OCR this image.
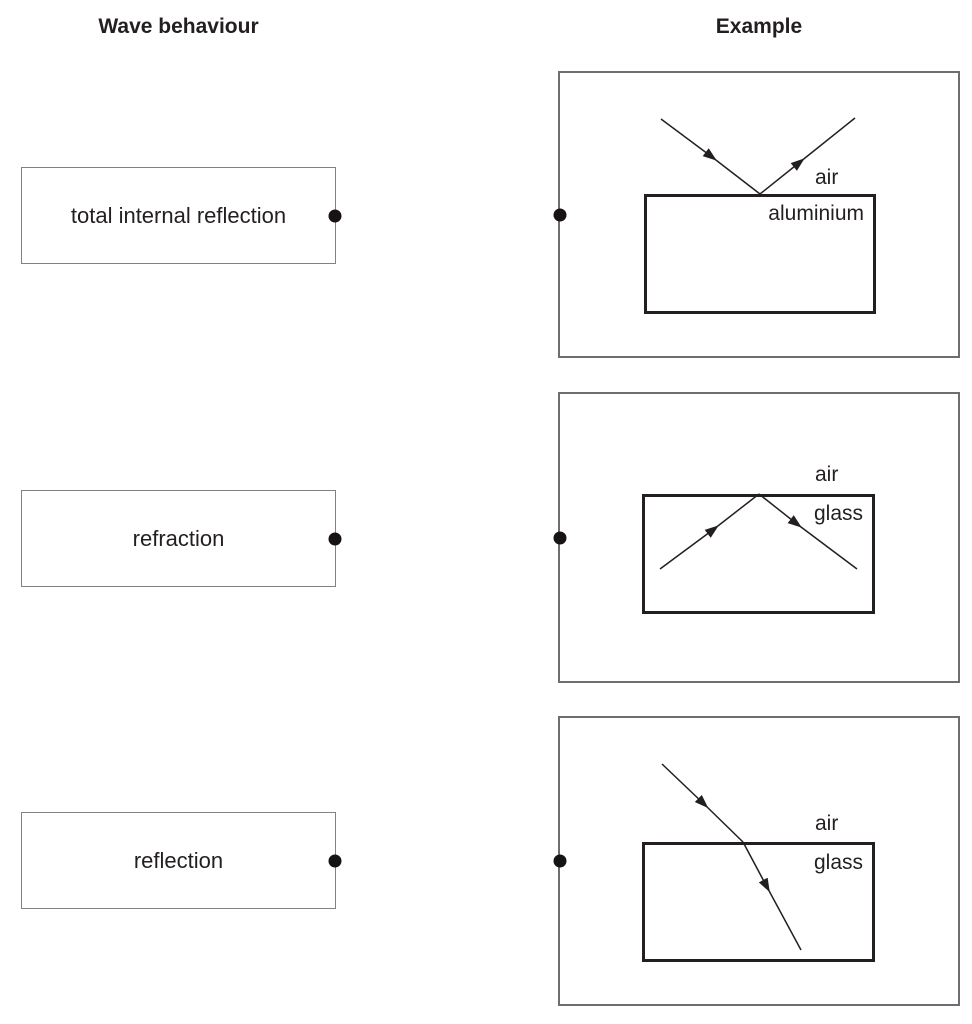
Wave behaviour	Example
total internal reflection
refraction
reflection
air
aluminium
air
glass
air
glass
